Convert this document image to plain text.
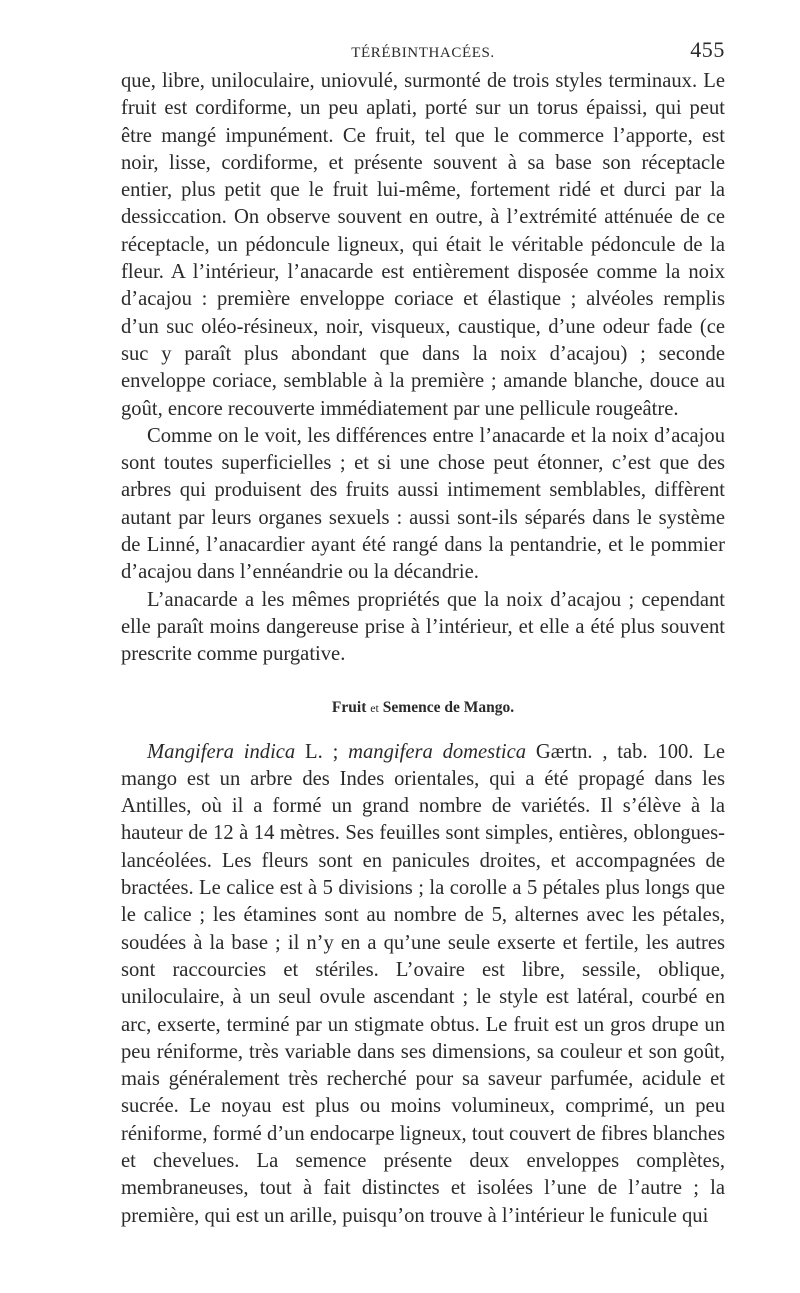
TÉRÉBINTHACÉES.	455

que, libre, uniloculaire, uniovulé, surmonté de trois styles terminaux. Le fruit est cordiforme, un peu aplati, porté sur un torus épaissi, qui peut être mangé impunément. Ce fruit, tel que le commerce l’apporte, est noir, lisse, cordiforme, et présente souvent à sa base son réceptacle entier, plus petit que le fruit lui-même, fortement ridé et durci par la dessiccation. On observe souvent en outre, à l’extrémité atténuée de ce réceptacle, un pédoncule ligneux, qui était le véritable pédoncule de la fleur. A l’intérieur, l’anacarde est entièrement disposée comme la noix d’acajou : première enveloppe coriace et élastique ; alvéoles remplis d’un suc oléo-résineux, noir, visqueux, caustique, d’une odeur fade (ce suc y paraît plus abondant que dans la noix d’acajou) ; seconde enveloppe coriace, semblable à la première ; amande blanche, douce au goût, encore recouverte immédiatement par une pellicule rougeâtre.

Comme on le voit, les différences entre l’anacarde et la noix d’acajou sont toutes superficielles ; et si une chose peut étonner, c’est que des arbres qui produisent des fruits aussi intimement semblables, diffèrent autant par leurs organes sexuels : aussi sont-ils séparés dans le système de Linné, l’anacardier ayant été rangé dans la pentandrie, et le pommier d’acajou dans l’ennéandrie ou la décandrie.

L’anacarde a les mêmes propriétés que la noix d’acajou ; cependant elle paraît moins dangereuse prise à l’intérieur, et elle a été plus souvent prescrite comme purgative.

Fruit et Semence de Mango.

Mangifera indica L. ; mangifera domestica Gærtn. , tab. 100. Le mango est un arbre des Indes orientales, qui a été propagé dans les Antilles, où il a formé un grand nombre de variétés. Il s’élève à la hauteur de 12 à 14 mètres. Ses feuilles sont simples, entières, oblongues-lancéolées. Les fleurs sont en panicules droites, et accompagnées de bractées. Le calice est à 5 divisions ; la corolle a 5 pétales plus longs que le calice ; les étamines sont au nombre de 5, alternes avec les pétales, soudées à la base ; il n’y en a qu’une seule exserte et fertile, les autres sont raccourcies et stériles. L’ovaire est libre, sessile, oblique, uniloculaire, à un seul ovule ascendant ; le style est latéral, courbé en arc, exserte, terminé par un stigmate obtus. Le fruit est un gros drupe un peu réniforme, très variable dans ses dimensions, sa couleur et son goût, mais généralement très recherché pour sa saveur parfumée, acidule et sucrée. Le noyau est plus ou moins volumineux, comprimé, un peu réniforme, formé d’un endocarpe ligneux, tout couvert de fibres blanches et chevelues. La semence présente deux enveloppes complètes, membraneuses, tout à fait distinctes et isolées l’une de l’autre ; la première, qui est un arille, puisqu’on trouve à l’intérieur le funicule qui
